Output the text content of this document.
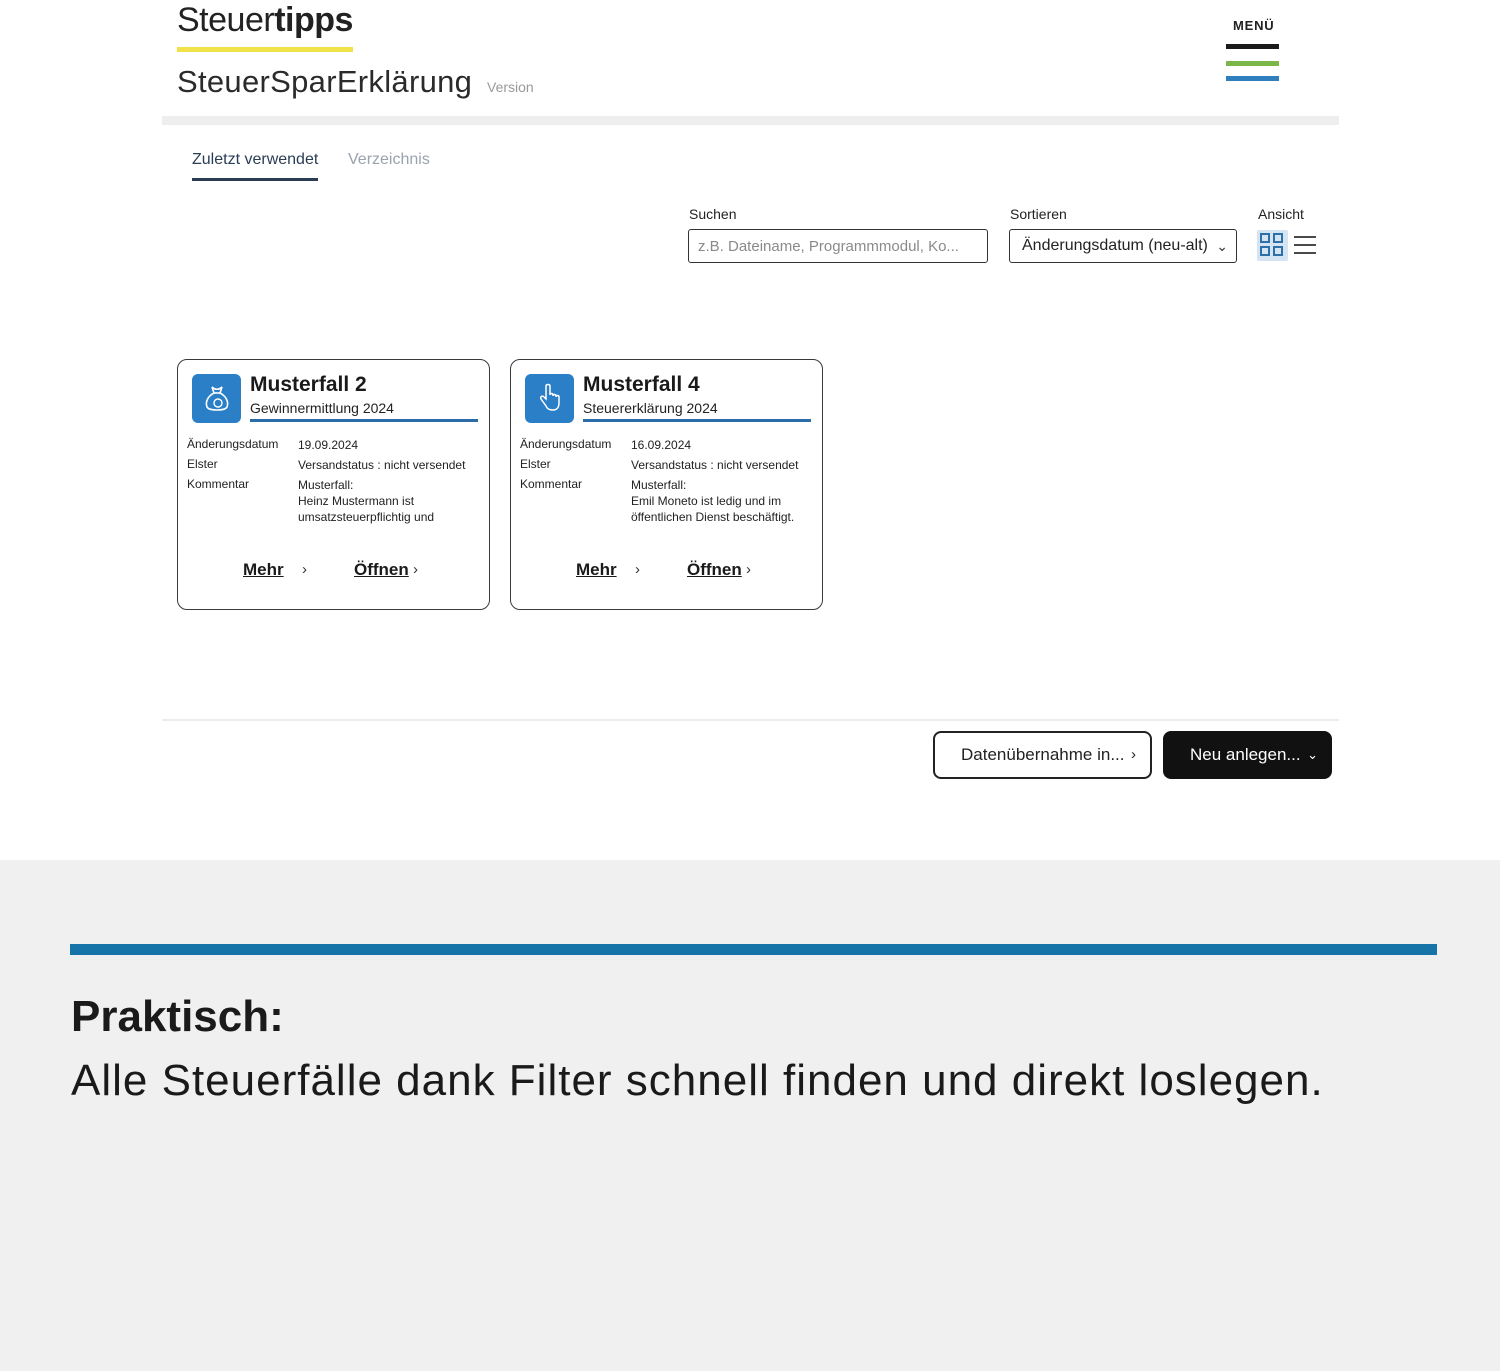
Steuertipps
SteuerSparErklärung Version
MENÜ
Zuletzt verwendet Verzeichnis
Suchen
z.B. Dateiname, Programmmodul, Ko...	Sortieren
Änderungsdatum (neu-alt) ⌄
Ansicht
Musterfall 2
Gewinnermittlung 2024
Änderungsdatum 19.09.2024
Elster	Versandstatus : nicht versendet
Kommentar	Musterfall:
Heinz Mustermann ist
umsatzsteuerpflichtig und
Mehr ›	Öffnen ›
Musterfall 4
Steuererklärung 2024
Änderungsdatum 16.09.2024
Elster	Versandstatus : nicht versendet
Kommentar	Musterfall:
Emil Moneto ist ledig und im
öffentlichen Dienst beschäftigt.
Mehr ›	Öffnen ›
Datenübernahme in... ›	Neu anlegen... ⌄
Praktisch:
Alle Steuerfälle dank Filter schnell finden und direkt loslegen.
